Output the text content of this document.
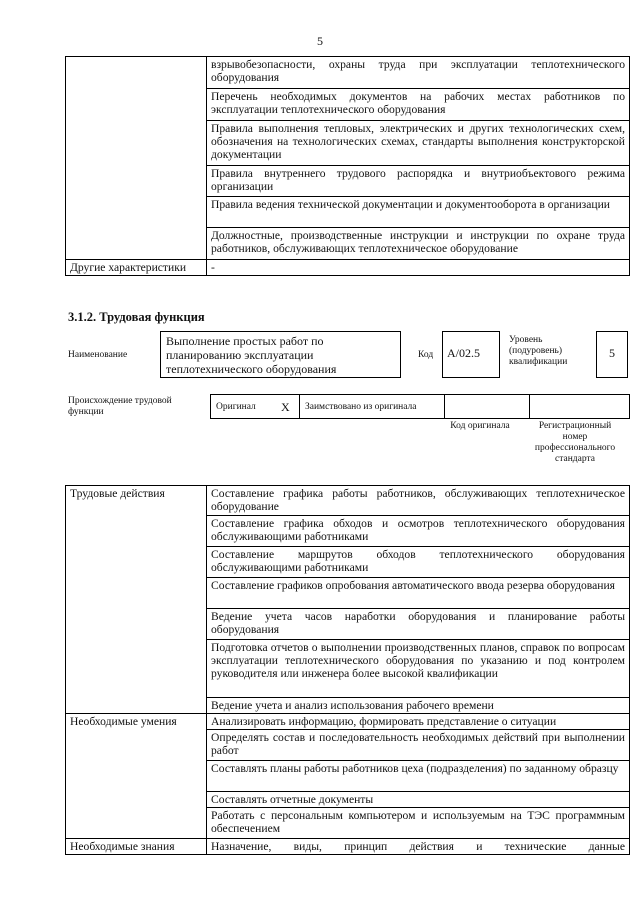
5
	взрывобезопасности, охраны труда при эксплуатации теплотехнического оборудования
	Перечень необходимых документов на рабочих местах работников по эксплуатации теплотехнического оборудования
	Правила выполнения тепловых, электрических и других технологических схем, обозначения на технологических схемах, стандарты выполнения конструкторской документации
	Правила внутреннего трудового распорядка и внутриобъектового режима организации
	Правила ведения технической документации и документооборота в организации
	Должностные, производственные инструкции и инструкции по охране труда работников, обслуживающих теплотехническое оборудование
Другие характеристики	-
3.1.2. Трудовая функция
Наименование
Выполнение простых работ по планированию эксплуатации теплотехнического оборудования
Код	А/02.5
Уровень (подуровень) квалификации
5
Происхождение трудовой функции	Оригинал X Заимствовано из оригинала
Код оригинала	Регистрационный номер профессионального стандарта
Трудовые действия	Составление графика работы работников, обслуживающих теплотехническое оборудование
	Составление графика обходов и осмотров теплотехнического оборудования обслуживающими работниками
	Составление маршрутов обходов теплотехнического оборудования обслуживающими работниками
	Составление графиков опробования автоматического ввода резерва оборудования
	Ведение учета часов наработки оборудования и планирование работы оборудования
	Подготовка отчетов о выполнении производственных планов, справок по вопросам эксплуатации теплотехнического оборудования по указанию и под контролем руководителя или инженера более высокой квалификации
	Ведение учета и анализ использования рабочего времени
Необходимые умения	Анализировать информацию, формировать представление о ситуации
	Определять состав и последовательность необходимых действий при выполнении работ
	Составлять планы работы работников цеха (подразделения) по заданному образцу
	Составлять отчетные документы
	Работать с персональным компьютером и используемым на ТЭС программным обеспечением
Необходимые знания	Назначение, виды, принцип действия и технические данные
